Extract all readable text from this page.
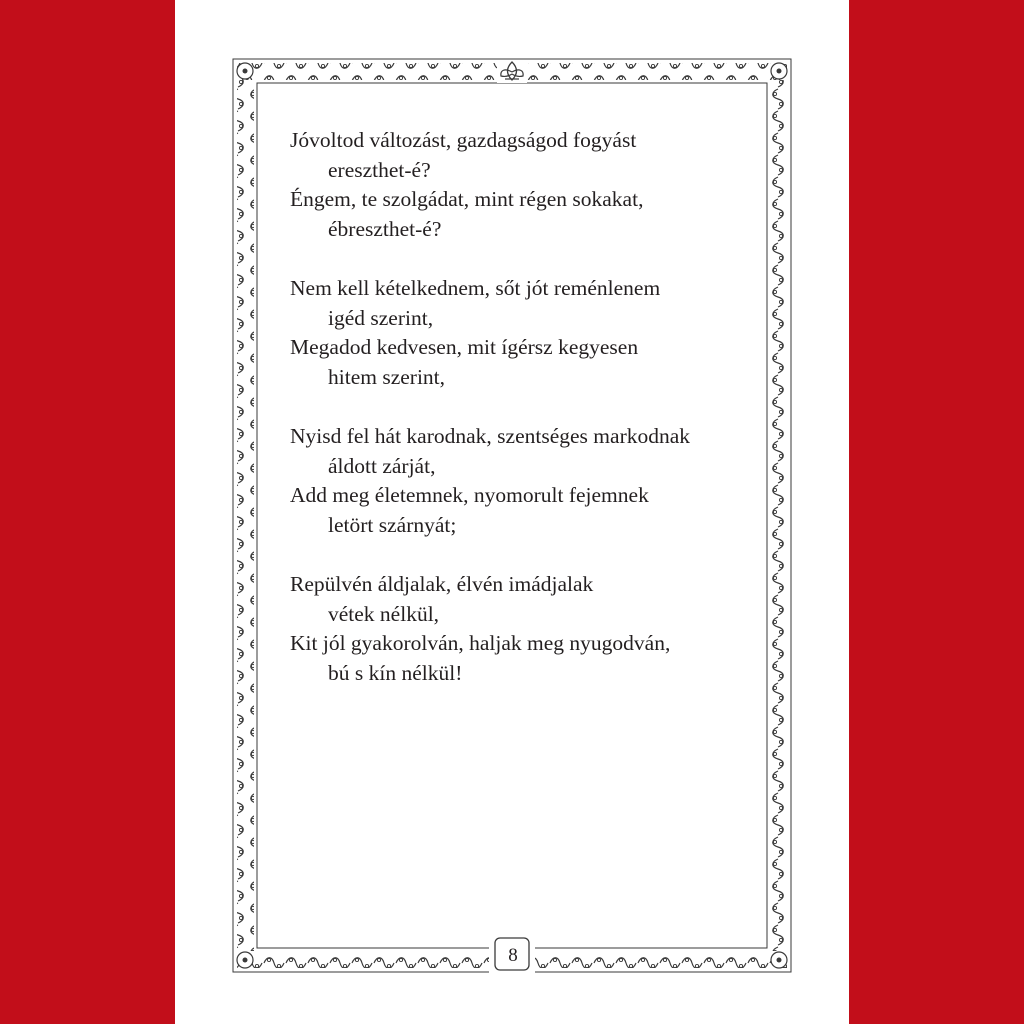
Jóvoltod változást, gazdagságod fogyást
ereszthet-é?
Éngem, te szolgádat, mint régen sokakat,
ébreszthet-é?
Nem kell kételkednem, sőt jót reménlenem
igéd szerint,
Megadod kedvesen, mit ígérsz kegyesen
hitem szerint,
Nyisd fel hát karodnak, szentséges markodnak
áldott zárját,
Add meg életemnek, nyomorult fejemnek
letört szárnyát;
Repülvén áldjalak, élvén imádjalak
vétek nélkül,
Kit jól gyakorolván, haljak meg nyugodván,
bú s kín nélkül!
8
